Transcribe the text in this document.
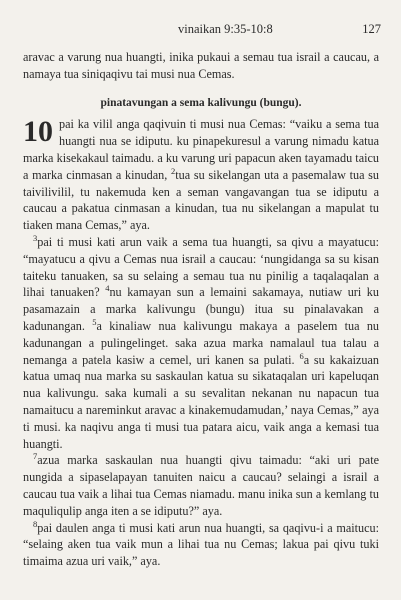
vinaikan 9:35-10:8	127

aravac a varung nua huangti, inika pukaui a semau tua israil a caucau, a namaya tua siniqaqivu tai musi nua Cemas.

pinatavungan a sema kalivungu (bungu).

10 pai ka vilil anga qaqivuin ti musi nua Cemas: “vaiku a sema tua huangti nua se idiputu. ku pinapekuresul a varung nimadu katua marka kisekakaul taimadu. a ku varung uri papacun aken tayamadu taicu a marka cinmasan a kinudan, $^2$tua su sikelangan uta a pasemalaw tua su taivilivilil, tu nakemuda ken a seman vangavangan tua se idiputu a caucau a pakatua cinmasan a kinudan, tua nu sikelangan a mapulat tu tiaken mana Cemas,” aya.

$^3$pai ti musi kati arun vaik a sema tua huangti, sa qivu a mayatucu: “mayatucu a qivu a Cemas nua israil a caucau: ‘nungidanga sa su kisan taiteku tanuaken, sa su selaing a semau tua nu pinilig a taqalaqalan a lihai tanuaken? $^4$nu kamayan sun a lemaini sakamaya, nutiaw uri ku pasamazain a marka kalivungu (bungu) itua su pinalavakan a kadunangan. $^5$a kinaliaw nua kalivungu makaya a paselem tua nu kadunangan a pulingelinget. saka azua marka namalaul tua talau a nemanga a patela kasiw a cemel, uri kanen sa pulati. $^6$a su kakaizuan katua umaq nua marka su saskaulan katua su sikataqalan uri kapeluqan nua kalivungu. saka kumali a su sevalitan nekanan nu napacun tua namaitucu a nareminkut aravac a kinakemudamudan,’ naya Cemas,” aya ti musi. ka naqivu anga ti musi tua patara aicu, vaik anga a kemasi tua huangti.

$^7$azua marka saskaulan nua huangti qivu taimadu: “aki uri pate nungida a sipaselapayan tanuiten naicu a caucau? selaingi a israil a caucau tua vaik a lihai tua Cemas niamadu. manu inika sun a kemlang tu maquliqulip anga iten a se idiputu?” aya.

$^8$pai daulen anga ti musi kati arun nua huangti, sa qaqivu-i a maitucu: “selaing aken tua vaik mun a lihai tua nu Cemas; lakua pai qivu tuki timaima azua uri vaik,” aya.
